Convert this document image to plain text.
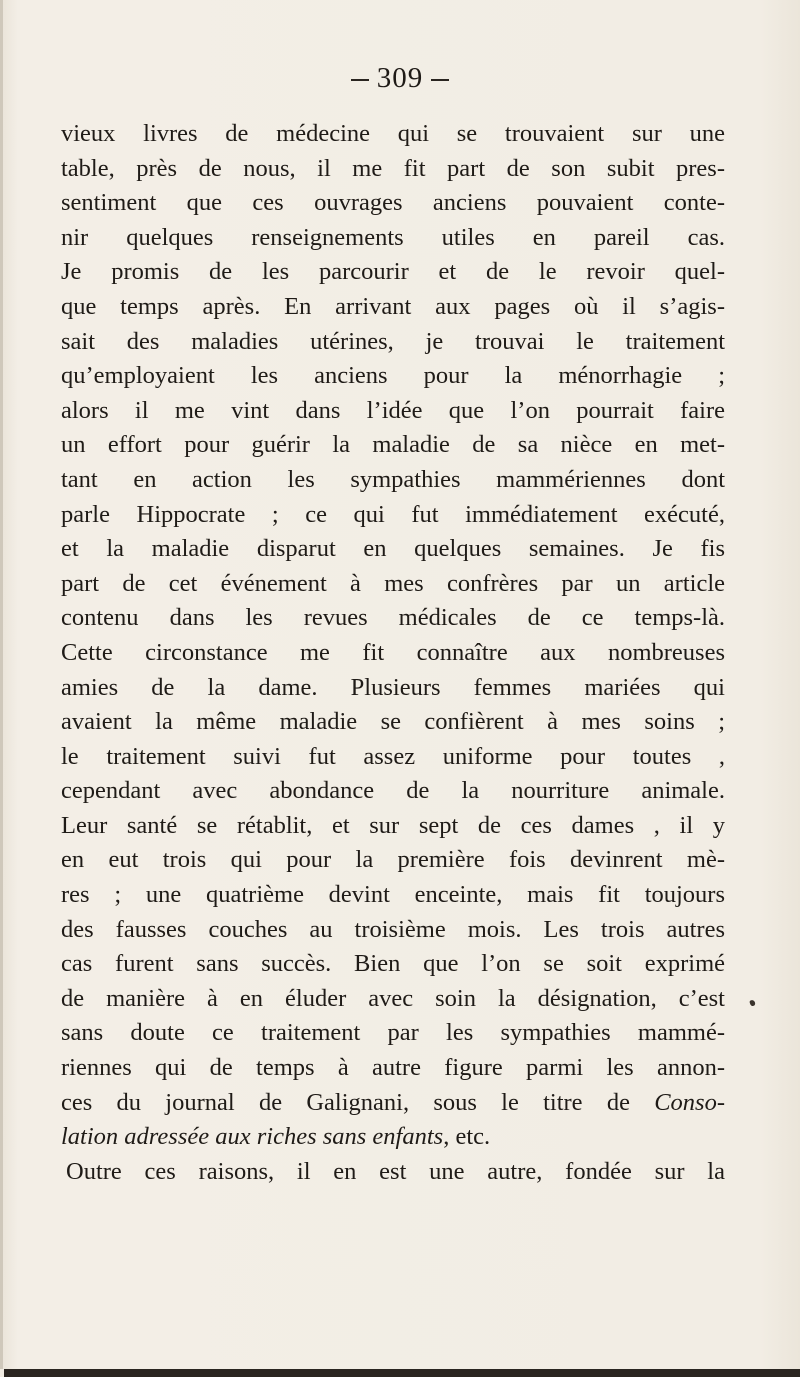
309
vieux livres de médecine qui se trouvaient sur une
table, près de nous, il me fit part de son subit pres-
sentiment que ces ouvrages anciens pouvaient conte-
nir quelques renseignements utiles en pareil cas.
Je promis de les parcourir et de le revoir quel-
que temps après. En arrivant aux pages où il s’agis-
sait des maladies utérines, je trouvai le traitement
qu’employaient les anciens pour la ménorrhagie ;
alors il me vint dans l’idée que l’on pourrait faire
un effort pour guérir la maladie de sa nièce en met-
tant en action les sympathies mammériennes dont
parle Hippocrate ; ce qui fut immédiatement exécuté,
et la maladie disparut en quelques semaines. Je fis
part de cet événement à mes confrères par un article
contenu dans les revues médicales de ce temps-là.
Cette circonstance me fit connaître aux nombreuses
amies de la dame. Plusieurs femmes mariées qui
avaient la même maladie se confièrent à mes soins ;
le traitement suivi fut assez uniforme pour toutes ,
cependant avec abondance de la nourriture animale.
Leur santé se rétablit, et sur sept de ces dames , il y
en eut trois qui pour la première fois devinrent mè-
res ; une quatrième devint enceinte, mais fit toujours
des fausses couches au troisième mois. Les trois autres
cas furent sans succès. Bien que l’on se soit exprimé
de manière à en éluder avec soin la désignation, c’est
sans doute ce traitement par les sympathies mammé-
riennes qui de temps à autre figure parmi les annon-
ces du journal de Galignani, sous le titre de Conso-
lation adressée aux riches sans enfants, etc.
Outre ces raisons, il en est une autre, fondée sur la
